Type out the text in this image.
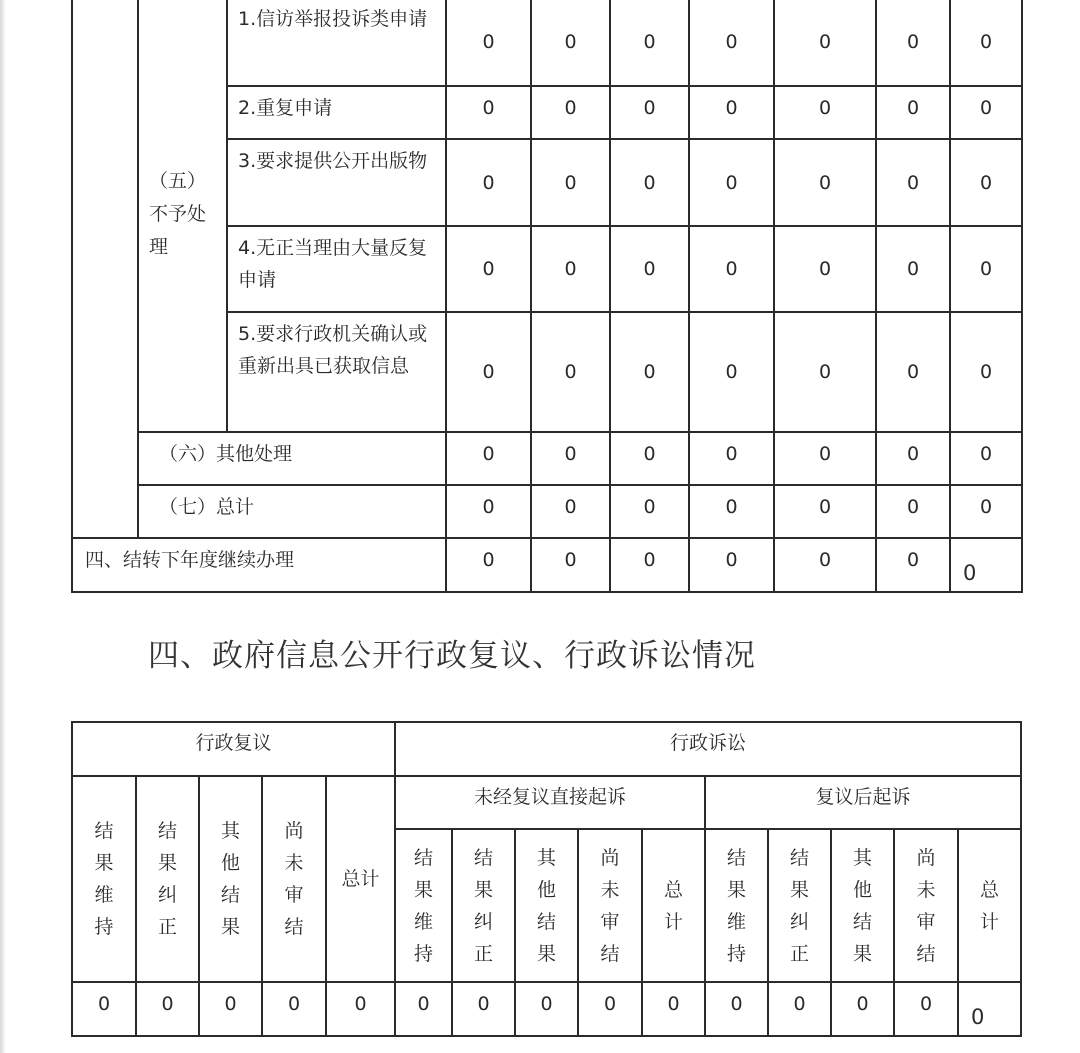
	（五）不予处理	1.信访举报投诉类申请	0	0	0	0	0	0	0
		2.重复申请	0	0	0	0	0	0	0
		3.要求提供公开出版物	0	0	0	0	0	0	0
		4.无正当理由大量反复申请	0	0	0	0	0	0	0
		5.要求行政机关确认或重新出具已获取信息	0	0	0	0	0	0	0
	（六）其他处理		0	0	0	0	0	0	0
	（七）总计		0	0	0	0	0	0	0
四、结转下年度继续办理			0	0	0	0	0	0	0
四、政府信息公开行政复议、行政诉讼情况
行政复议					行政诉讼									
结果维持	结果纠正	其他结果	尚未审结	总计	未经复议直接起诉					复议后起诉				
					结果维持	结果纠正	其他结果	尚未审结	总计	结果维持	结果纠正	其他结果	尚未审结	总计
0	0	0	0	0	0	0	0	0	0	0	0	0	0	0
